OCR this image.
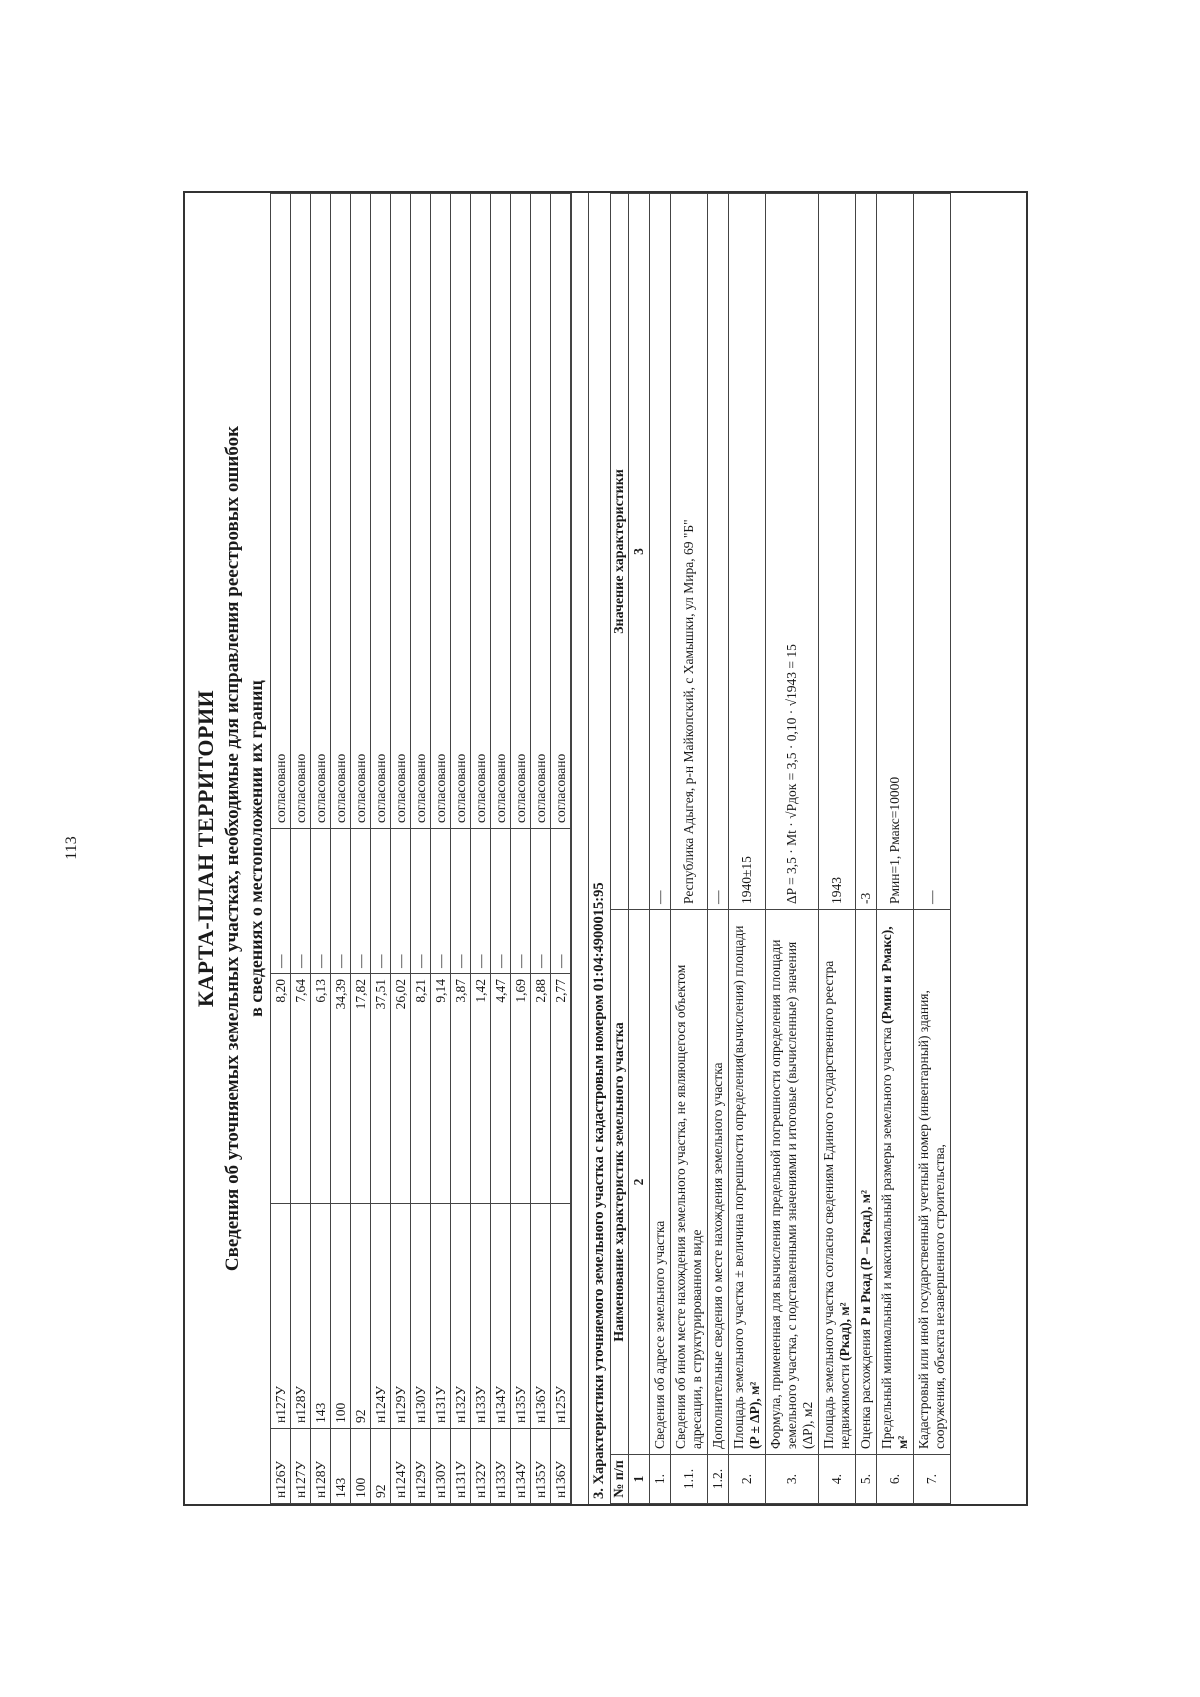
113	КАРТА-ПЛАН ТЕРРИТОРИИ Сведения об уточняемых земельных участках, необходимые для исправления реестровых ошибок в сведениях о местоположении их границ
н126У	н127У	8,20	—	согласовано
н127У	н128У	7,64	—	согласовано
н128У	143	6,13	—	согласовано
143	100	34,39	—	согласовано
100	92	17,82	—	согласовано
92	н124У	37,51	—	согласовано
н124У	н129У	26,02	—	согласовано
н129У	н130У	8,21	—	согласовано
н130У	н131У	9,14	—	согласовано
н131У	н132У	3,87	—	согласовано
н132У	н133У	1,42	—	согласовано
н133У	н134У	4,47	—	согласовано
н134У	н135У	1,69	—	согласовано
н135У	н136У	2,88	—	согласовано
н136У	н125У	2,77	—	согласовано
3. Характеристики уточняемого земельного участка с кадастровым номером 01:04:4900015:95 № п/п	Наименование характеристик земельного участка	Значение характеристики
1	2	3
1.	Сведения об адресе земельного участка	—
1.1.	Сведения об ином месте нахождения земельного участка, не являющегося объектом адресации, в структурированном виде	Республика Адыгея, р-н Майкопский, с Хамышки, ул Мира, 69 "Б"
1.2.	Дополнительные сведения о месте нахождения земельного участка	—
2.	Площадь земельного участка ± величина погрешности определения(вычисления) площади (P ± ΔP), м²	1940±15
3.	Формула, примененная для вычисления предельной погрешности определения площади земельного участка, с подставленными значениями и итоговые (вычисленные) значения (ΔР), м2	ΔP = 3,5 · Mt · √Pдок = 3,5 · 0,10 · √1943 = 15
4.	Площадь земельного участка согласно сведениям Единого государственного реестра недвижимости (Ркад), м²	1943
5.	Оценка расхождения Р и Ркад (Р – Ркад), м²	-3
6.	Предельный минимальный и максимальный размеры земельного участка (Pмин и Pмакс), м²	Pмин=1, Pмакс=10000
7.	Кадастровый или иной государственный учетный номер (инвентарный) здания, сооружения, объекта незавершенного строительства,	—
